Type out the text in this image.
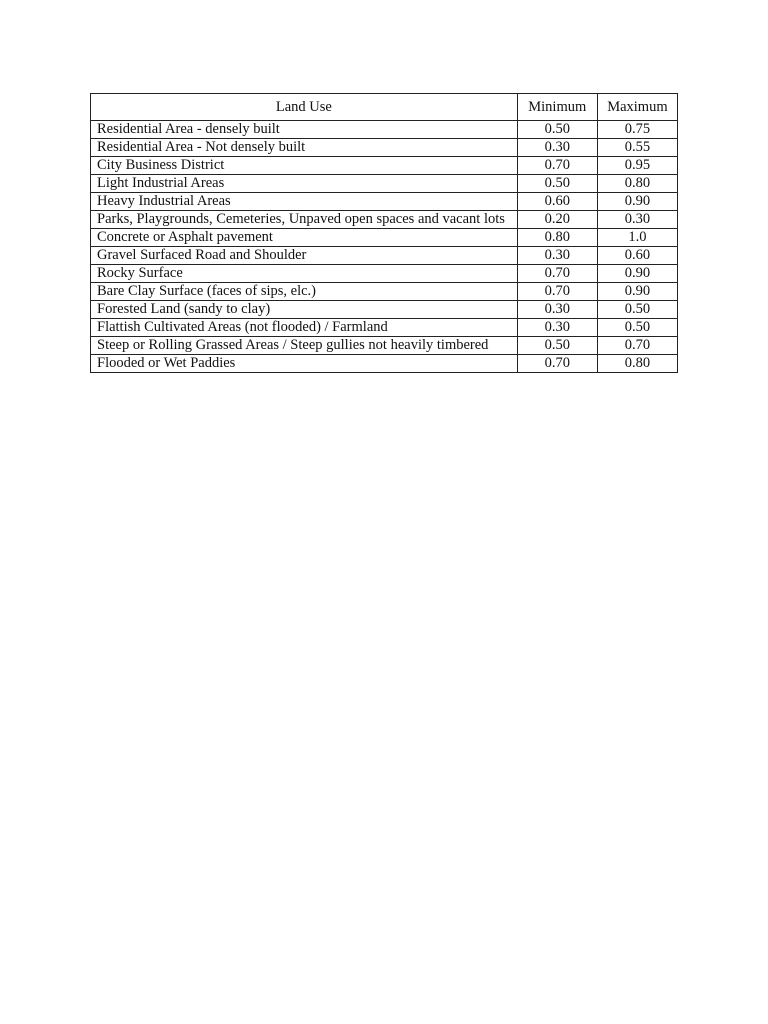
Land Use	Minimum	Maximum
Residential Area - densely built	0.50	0.75
Residential Area - Not densely built	0.30	0.55
City Business District	0.70	0.95
Light Industrial Areas	0.50	0.80
Heavy Industrial Areas	0.60	0.90
Parks, Playgrounds, Cemeteries, Unpaved open spaces and vacant lots	0.20	0.30
Concrete or Asphalt pavement	0.80	1.0
Gravel Surfaced Road and Shoulder	0.30	0.60
Rocky Surface	0.70	0.90
Bare Clay Surface (faces of sips, elc.)	0.70	0.90
Forested Land (sandy to clay)	0.30	0.50
Flattish Cultivated Areas (not flooded) / Farmland	0.30	0.50
Steep or Rolling Grassed Areas / Steep gullies not heavily timbered	0.50	0.70
Flooded or Wet Paddies	0.70	0.80
